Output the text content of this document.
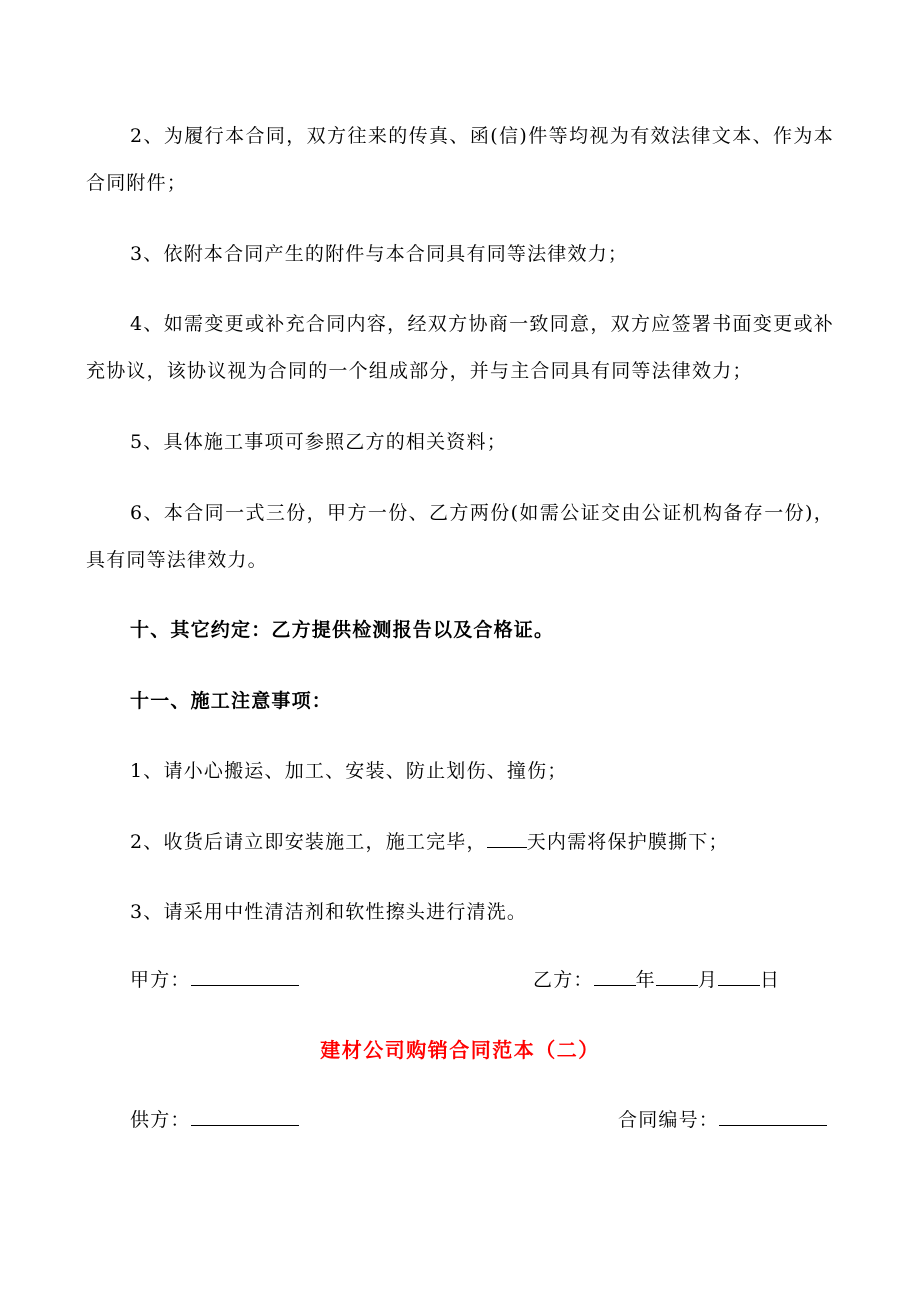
2、为履行本合同，双方往来的传真、函(信)件等均视为有效法律文本、作为本合同附件；

3、依附本合同产生的附件与本合同具有同等法律效力；

4、如需变更或补充合同内容，经双方协商一致同意，双方应签署书面变更或补充协议，该协议视为合同的一个组成部分，并与主合同具有同等法律效力；

5、具体施工事项可参照乙方的相关资料；

6、本合同一式三份，甲方一份、乙方两份(如需公证交由公证机构备存一份)，具有同等法律效力。

十、其它约定：乙方提供检测报告以及合格证。

十一、施工注意事项：

1、请小心搬运、加工、安装、防止划伤、撞伤；

2、收货后请立即安装施工，施工完毕， 天内需将保护膜撕下；

3、请采用中性清洁剂和软性擦头进行清洗。

甲方：	乙方： 年 月 日
建材公司购销合同范本（二）
供方：	合同编号：
